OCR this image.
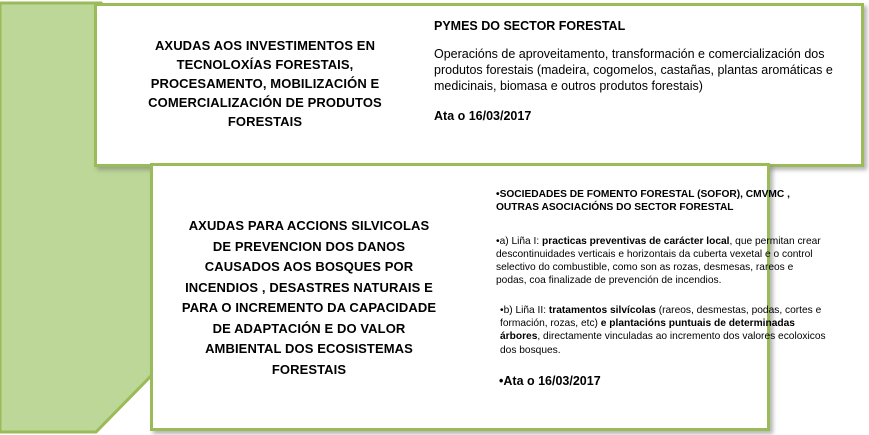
AXUDAS AOS INVESTIMENTOS EN TECNOLOXÍAS FORESTAIS, PROCESAMENTO, MOBILIZACIÓN E COMERCIALIZACIÓN DE PRODUTOS FORESTAIS
PYMES DO SECTOR FORESTAL
Operacións de aproveitamento, transformación e comercialización dos produtos forestais (madeira, cogomelos, castañas, plantas aromáticas e medicinais, biomasa e outros produtos forestais)
Ata o 16/03/2017
AXUDAS PARA ACCIONS SILVICOLAS DE PREVENCION DOS DANOS CAUSADOS AOS BOSQUES POR INCENDIOS , DESASTRES NATURAIS E PARA O INCREMENTO DA CAPACIDADE DE ADAPTACIÓN E DO VALOR AMBIENTAL DOS ECOSISTEMAS FORESTAIS
•SOCIEDADES DE FOMENTO FORESTAL (SOFOR), CMVMC , OUTRAS ASOCIACIÓNS DO SECTOR FORESTAL
•a) Liña I: practicas preventivas de carácter local, que permitan crear descontinuidades verticais e horizontais da cuberta vexetal e o control selectivo do combustible, como son as rozas, desmesas, rareos e podas, coa finalizade de prevención de incendios.
•b) Liña II: tratamentos silvícolas (rareos, desmestas, podas, cortes e formación, rozas, etc) e plantacións puntuais de determinadas árbores, directamente vinculadas ao incremento dos valores ecoloxicos dos bosques.
•Ata o 16/03/2017
